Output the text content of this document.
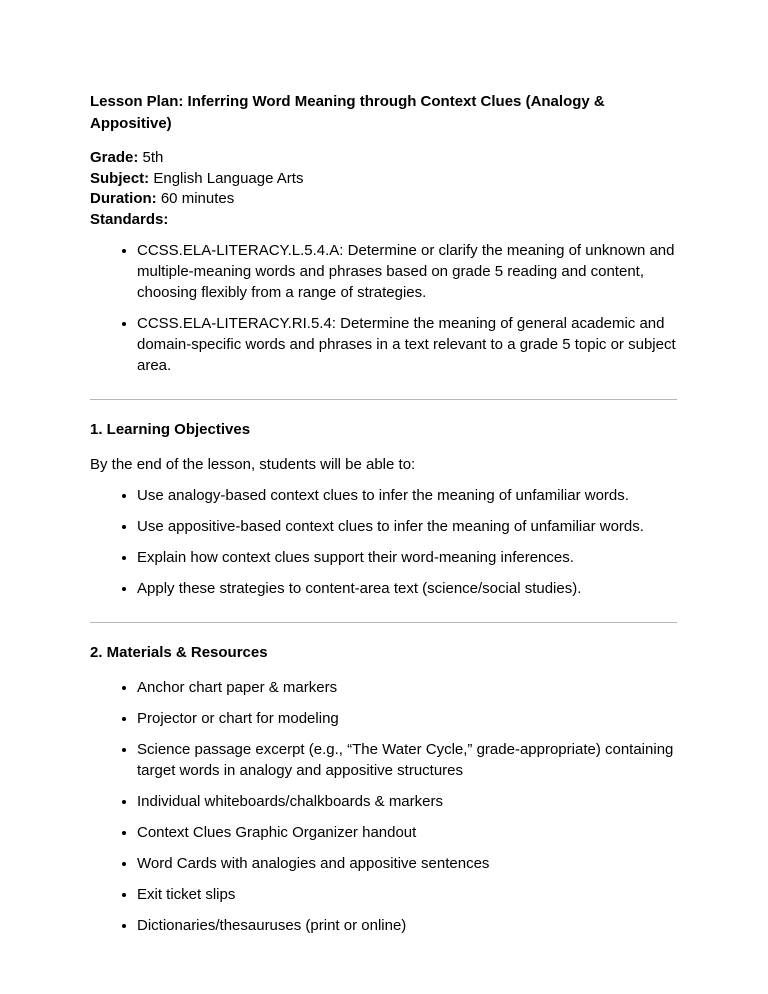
Lesson Plan: Inferring Word Meaning through Context Clues (Analogy & Appositive)

Grade: 5th

Subject: English Language Arts

Duration: 60 minutes

Standards:

• CCSS.ELA-LITERACY.L.5.4.A: Determine or clarify the meaning of unknown and multiple-meaning words and phrases based on grade 5 reading and content, choosing flexibly from a range of strategies.
• CCSS.ELA-LITERACY.RI.5.4: Determine the meaning of general academic and domain-specific words and phrases in a text relevant to a grade 5 topic or subject area.
1. Learning Objectives

By the end of the lesson, students will be able to:

• Use analogy-based context clues to infer the meaning of unfamiliar words.
• Use appositive-based context clues to infer the meaning of unfamiliar words.
• Explain how context clues support their word-meaning inferences.
• Apply these strategies to content-area text (science/social studies).
2. Materials & Resources
• Anchor chart paper & markers
• Projector or chart for modeling
• Science passage excerpt (e.g., “The Water Cycle,” grade-appropriate) containing target words in analogy and appositive structures
• Individual whiteboards/chalkboards & markers
• Context Clues Graphic Organizer handout
• Word Cards with analogies and appositive sentences
• Exit ticket slips
• Dictionaries/thesauruses (print or online)
